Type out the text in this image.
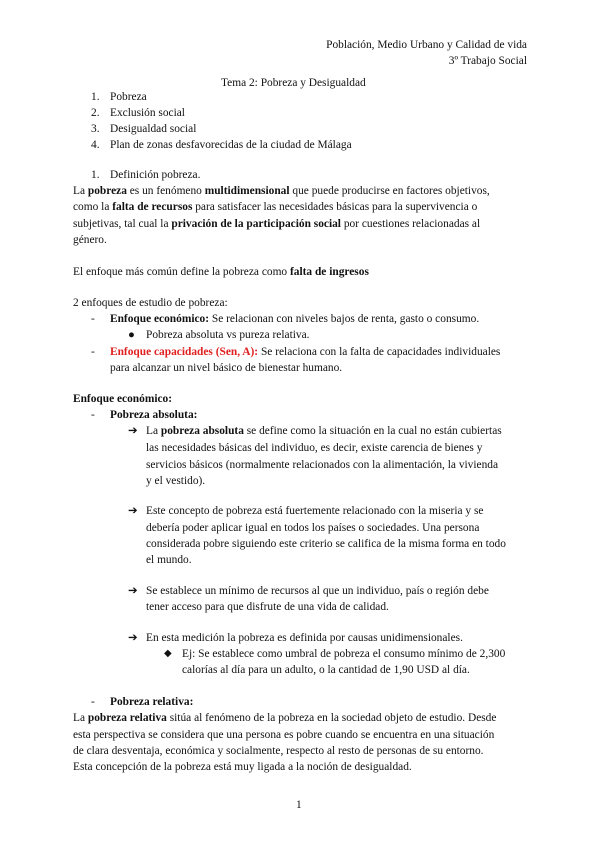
Población, Medio Urbano y Calidad de vida
3º Trabajo Social
Tema 2: Pobreza y Desigualdad
1. Pobreza
2. Exclusión social
3. Desigualdad social
4. Plan de zonas desfavorecidas de la ciudad de Málaga
1. Definición pobreza.
La pobreza es un fenómeno multidimensional que puede producirse en factores objetivos,
como la falta de recursos para satisfacer las necesidades básicas para la supervivencia o
subjetivas, tal cual la privación de la participación social por cuestiones relacionadas al
género.
El enfoque más común define la pobreza como falta de ingresos
2 enfoques de estudio de pobreza:
- Enfoque económico: Se relacionan con niveles bajos de renta, gasto o consumo.
● Pobreza absoluta vs pureza relativa.
- Enfoque capacidades (Sen, A): Se relaciona con la falta de capacidades individuales
para alcanzar un nivel básico de bienestar humano.
Enfoque económico:
- Pobreza absoluta:
➔ La pobreza absoluta se define como la situación en la cual no están cubiertas
las necesidades básicas del individuo, es decir, existe carencia de bienes y
servicios básicos (normalmente relacionados con la alimentación, la vivienda
y el vestido).
➔ Este concepto de pobreza está fuertemente relacionado con la miseria y se
debería poder aplicar igual en todos los países o sociedades. Una persona
considerada pobre siguiendo este criterio se califica de la misma forma en todo
el mundo.
➔ Se establece un mínimo de recursos al que un individuo, país o región debe
tener acceso para que disfrute de una vida de calidad.
➔ En esta medición la pobreza es definida por causas unidimensionales.
◆ Ej: Se establece como umbral de pobreza el consumo mínimo de 2,300
calorías al día para un adulto, o la cantidad de 1,90 USD al día.
- Pobreza relativa:
La pobreza relativa sitúa al fenómeno de la pobreza en la sociedad objeto de estudio. Desde
esta perspectiva se considera que una persona es pobre cuando se encuentra en una situación
de clara desventaja, económica y socialmente, respecto al resto de personas de su entorno.
Esta concepción de la pobreza está muy ligada a la noción de desigualdad.
1
